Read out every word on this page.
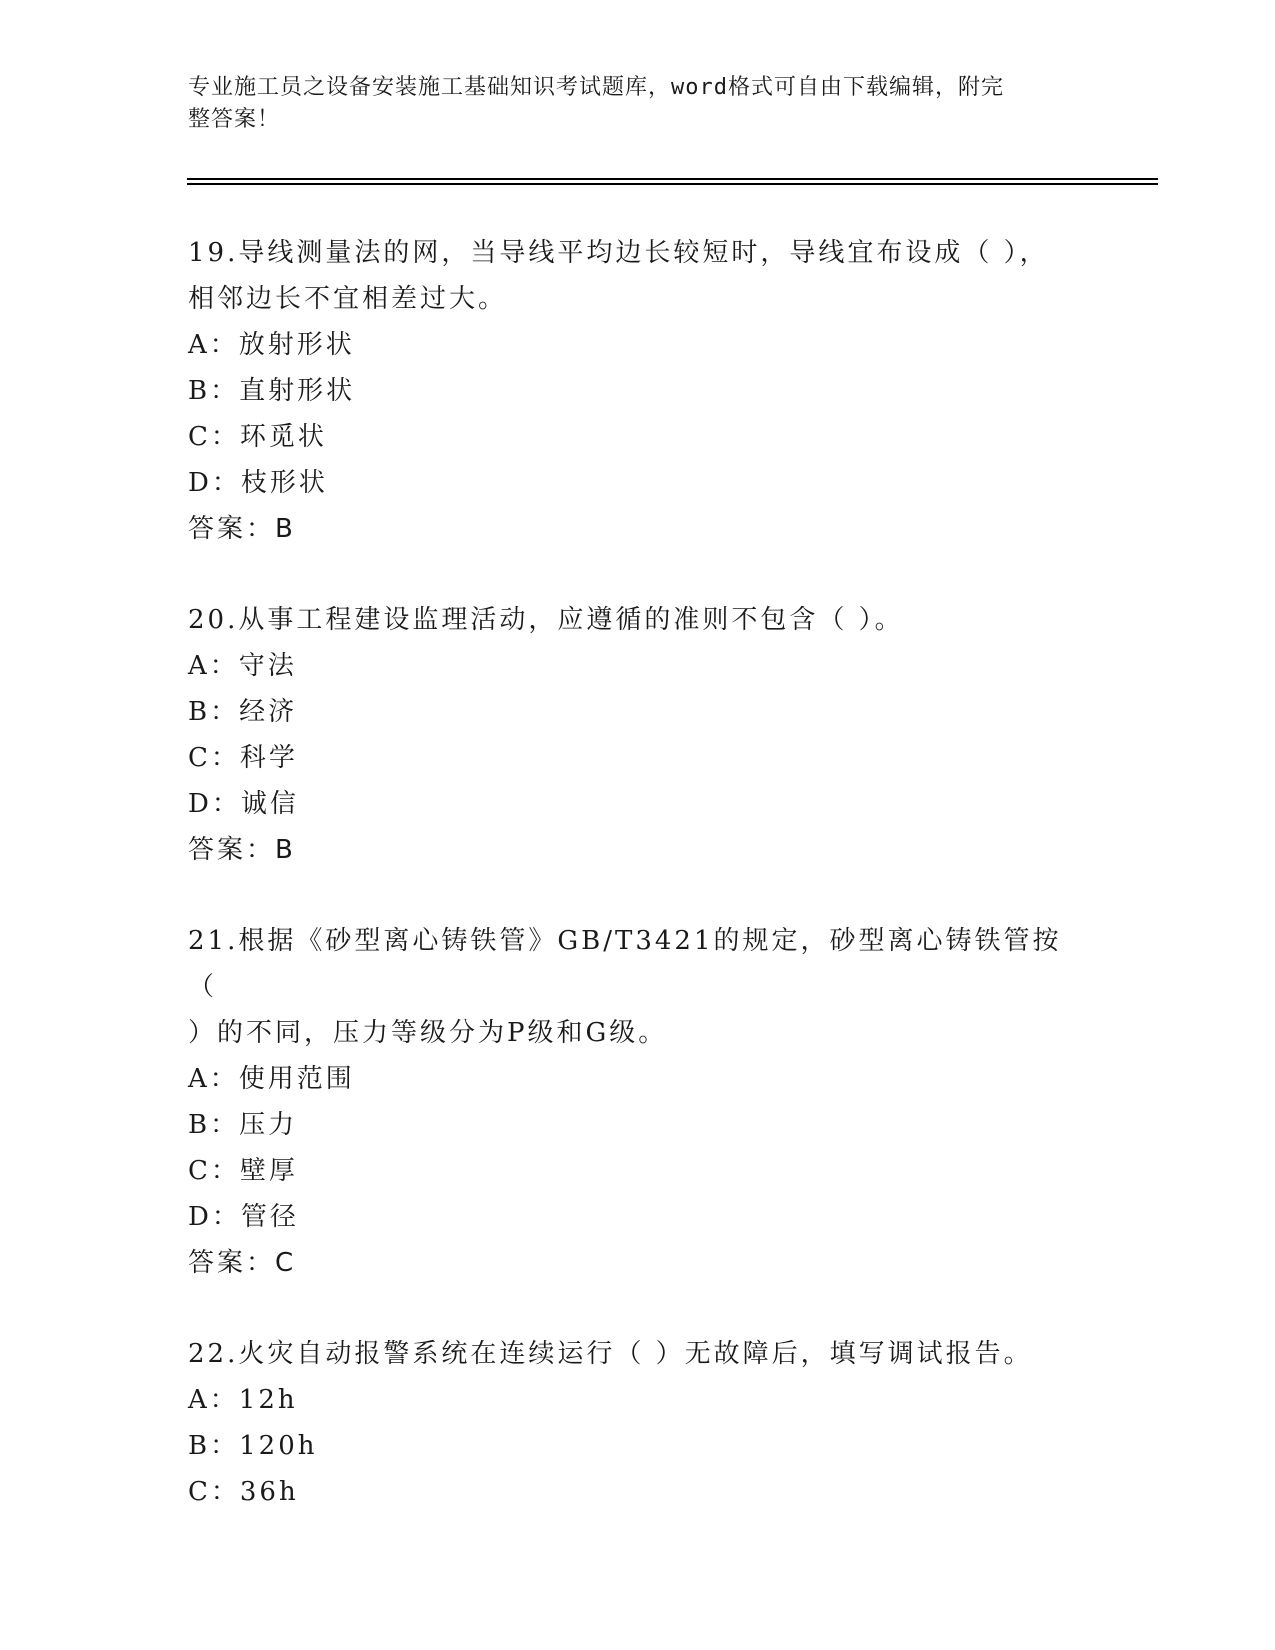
专业施工员之设备安装施工基础知识考试题库，word格式可自由下载编辑，附完
整答案！
19.导线测量法的网，当导线平均边长较短时，导线宜布设成（ ），
相邻边长不宜相差过大。
A：放射形状
B：直射形状
C：环觅状
D：枝形状
答案：B
20.从事工程建设监理活动，应遵循的准则不包含（ ）。
A：守法
B：经济
C：科学
D：诚信
答案：B
21.根据《砂型离心铸铁管》GB/T3421的规定，砂型离心铸铁管按（
）的不同，压力等级分为P级和G级。
A：使用范围
B：压力
C：壁厚
D：管径
答案：C
22.火灾自动报警系统在连续运行（ ）无故障后，填写调试报告。
A：12h
B：120h
C：36h
